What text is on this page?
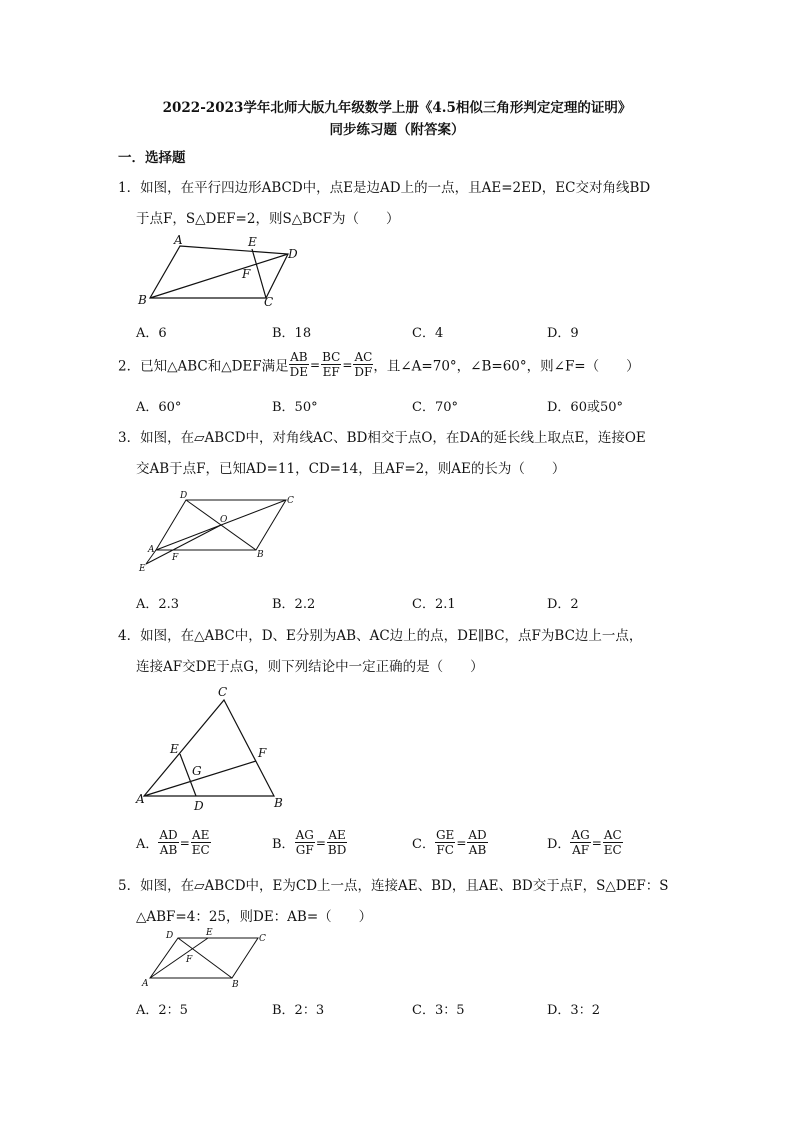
2022-2023学年北师大版九年级数学上册《4.5相似三角形判定定理的证明》
同步练习题（附答案）
一．选择题
1．如图，在平行四边形ABCD中，点E是边AD上的一点，且AE=2ED，EC交对角线BD
于点F，S△DEF=2，则S△BCF为（　　）
A	E
D
F
B	C
A．6	B．18	C．4	D．9
2．已知△ABC和△DEF满足 $\frac{AB}{DE} = \frac{BC}{EF} = \frac{AC}{DF}$ ，且∠A=70°，∠B=60°，则∠F=（　　）
A．60°	B．50°	C．70°	D．60或50°
3．如图，在▱ABCD中，对角线AC、BD相交于点O，在DA的延长线上取点E，连接OE
交AB于点F，已知AD=11，CD=14，且AF=2，则AE的长为（　　）
D	C
O
A
F	B
E
A．2.3	B．2.2	C．2.1	D．2
4．如图，在△ABC中，D、E分别为AB、AC边上的点，DE∥BC，点F为BC边上一点，
连接AF交DE于点G，则下列结论中一定正确的是（　　）
C
E	F
G
A	D	B
A． $\frac{AD}{AB} = \frac{AE}{EC}$	B． $\frac{AG}{GF} = \frac{AE}{BD}$	C． $\frac{GE}{FC} = \frac{AD}{AB}$	D． $\frac{AG}{AF} = \frac{AC}{EC}$
5．如图，在▱ABCD中，E为CD上一点，连接AE、BD，且AE、BD交于点F，S△DEF：S
△ABF=4：25，则DE：AB=（　　）
D	E
C
F
A	B
A．2：5	B．2：3	C．3：5	D．3：2
